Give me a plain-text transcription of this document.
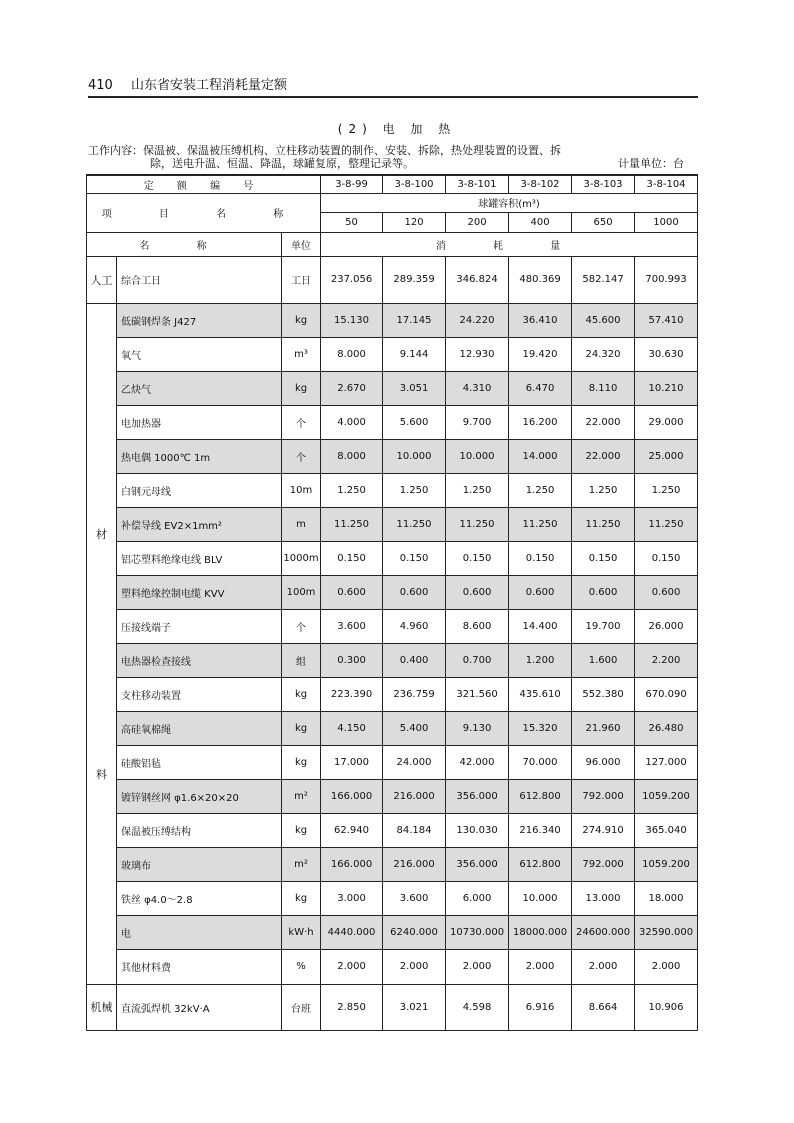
410 山东省安装工程消耗量定额
(2) 电 加 热
工作内容：保温被、保温被压缚机构、立柱移动装置的制作、安装、拆除，热处理装置的设置、拆
除，送电升温、恒温、降温，球罐复原，整理记录等。	计量单位：台
定 额 编 号			3-8-99	3-8-100	3-8-101	3-8-102	3-8-103	3-8-104
项 目 名 称			球罐容积(m³)					
			50	120	200	400	650	1000
名 称		单位	消 耗 量					
人工	综合工日	工日	237.056	289.359	346.824	480.369	582.147	700.993

材
料	低碳钢焊条 J427	kg	15.130	17.145	24.220	36.410	45.600	57.410
	氧气	m³	8.000	9.144	12.930	19.420	24.320	30.630
	乙炔气	kg	2.670	3.051	4.310	6.470	8.110	10.210
	电加热器	个	4.000	5.600	9.700	16.200	22.000	29.000
	热电偶 1000℃ 1m	个	8.000	10.000	10.000	14.000	22.000	25.000
	白钢元母线	10m	1.250	1.250	1.250	1.250	1.250	1.250
	补偿导线 EV2×1mm²	m	11.250	11.250	11.250	11.250	11.250	11.250
	铝芯塑料绝缘电线 BLV	1000m	0.150	0.150	0.150	0.150	0.150	0.150
	塑料绝缘控制电缆 KVV	100m	0.600	0.600	0.600	0.600	0.600	0.600
	压接线端子	个	3.600	4.960	8.600	14.400	19.700	26.000
	电热器检查接线	组	0.300	0.400	0.700	1.200	1.600	2.200
	支柱移动装置	kg	223.390	236.759	321.560	435.610	552.380	670.090
	高硅氧棉绳	kg	4.150	5.400	9.130	15.320	21.960	26.480
	硅酸铝毡	kg	17.000	24.000	42.000	70.000	96.000	127.000
	镀锌钢丝网 φ1.6×20×20	m²	166.000	216.000	356.000	612.800	792.000	1059.200
	保温被压缚结构	kg	62.940	84.184	130.030	216.340	274.910	365.040
	玻璃布	m²	166.000	216.000	356.000	612.800	792.000	1059.200
	铁丝 φ4.0～2.8	kg	3.000	3.600	6.000	10.000	13.000	18.000
	电	kW·h	4440.000	6240.000	10730.000	18000.000	24600.000	32590.000
	其他材料费	%	2.000	2.000	2.000	2.000	2.000	2.000
机械	直流弧焊机 32kV·A	台班	2.850	3.021	4.598	6.916	8.664	10.906
